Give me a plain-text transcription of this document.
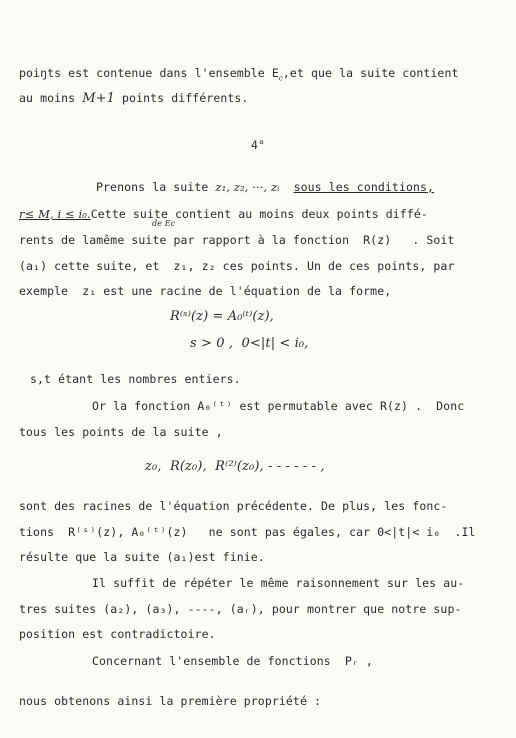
poiŋts est contenue dans l'ensemble $E_c,et$ que la suite contient
au moins M+1 points différents.
4°
Prenons la suite z₁, z₂, ···, zᵢ sous les conditions,
r≤ M, i ≤ i₀.Cette suite contient au moins deux points diffé-
de Ec
rents de lamême suite par rapport à la fonction  R(z)   . Soit
(a₁) cette suite, et  z₁, z₂ ces points. Un de ces points, par
exemple  z₁ est une racine de l'équation de la forme,
R⁽ˢ⁾(z) = A₀⁽ᵗ⁾(z),
s > 0 ,  0<|t| < i₀,
s,t étant les nombres entiers.
Or la fonction A₀⁽ᵗ⁾ est permutable avec R(z) .  Donc
tous les points de la suite ,
z₀,  R(z₀),  R⁽²⁾(z₀), - - - - - - ,
sont des racines de l'équation précédente. De plus, les fonc-
tions  R⁽ˢ⁾(z), A₀⁽ᵗ⁾(z)   ne sont pas égales, car 0<|t|< i₀  .Il
résulte que la suite (a₁)est finie.
Il suffit de répéter le même raisonnement sur les au-
tres suites (a₂), (a₃), ----, (aᵣ), pour montrer que notre sup-
position est contradictoire.
Concernant l'ensemble de fonctions  Pᵣ ,
nous obtenons ainsi la première propriété :
